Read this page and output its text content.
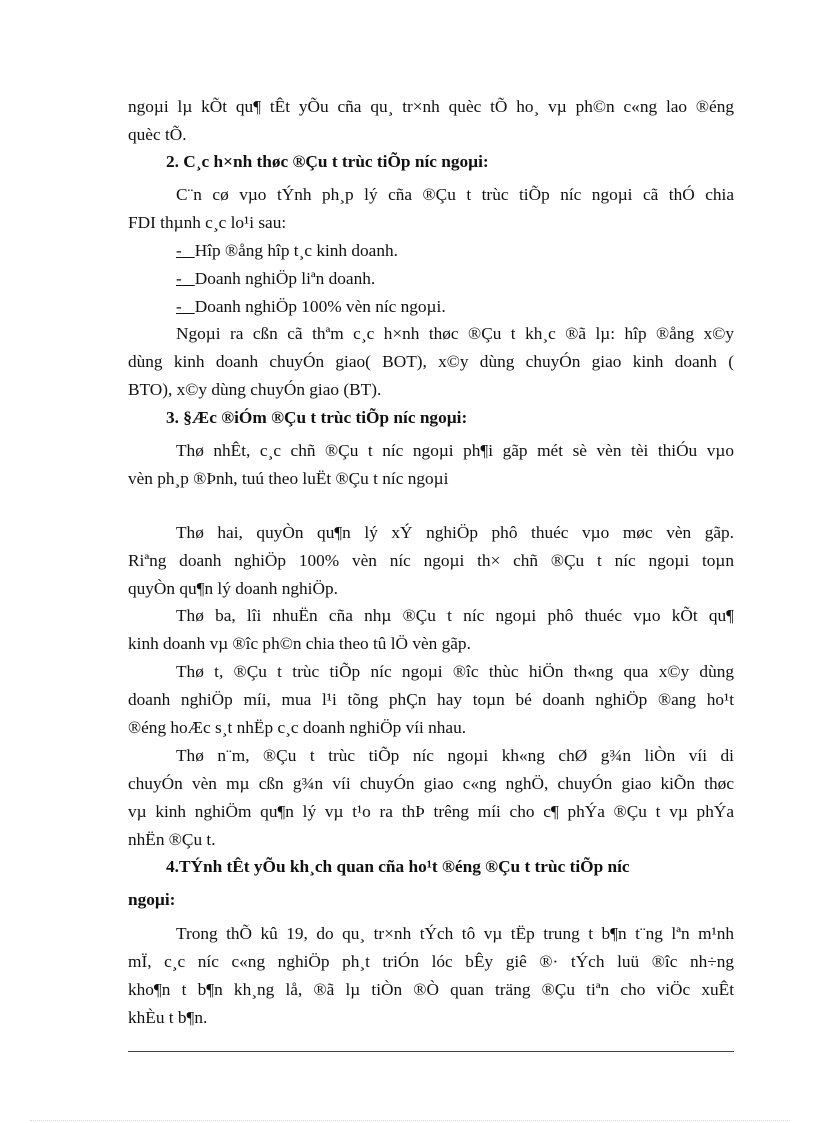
ngoµi lµ kÕt qu¶ tÊt yÕu cña qu¸ tr×nh quèc tÕ ho¸ vµ ph©n c«ng lao ®éng
quèc tÕ.
2. C¸c h×nh thøc ®Çu t trùc tiÕp níc ngoµi:
C¨n cø vµo tÝnh ph¸p lý cña ®Çu t trùc tiÕp níc ngoµi cã thÓ chia
FDI thµnh c¸c lo¹i sau:
- Hîp ®ång hîp t¸c kinh doanh.
- Doanh nghiÖp liªn doanh.
- Doanh nghiÖp 100% vèn níc ngoµi.
Ngoµi ra cßn cã thªm c¸c h×nh thøc ®Çu t kh¸c ®ã lµ: hîp ®ång x©y
dùng kinh doanh chuyÓn giao( BOT), x©y dùng chuyÓn giao kinh doanh (
BTO), x©y dùng chuyÓn giao (BT).
3. §Æc ®iÓm ®Çu t trùc tiÕp níc ngoµi:
Thø nhÊt, c¸c chñ ®Çu t níc ngoµi ph¶i gãp mét sè vèn tèi thiÓu vµo
vèn ph¸p ®Þnh, tuú theo luËt ®Çu t níc ngoµi
Thø hai, quyÒn qu¶n lý xÝ nghiÖp phô thuéc vµo møc vèn gãp.
Riªng doanh nghiÖp 100% vèn níc ngoµi th× chñ ®Çu t níc ngoµi toµn
quyÒn qu¶n lý doanh nghiÖp.
Thø ba, lîi nhuËn cña nhµ ®Çu t níc ngoµi phô thuéc vµo kÕt qu¶
kinh doanh vµ ®îc ph©n chia theo tû lÖ vèn gãp.
Thø t, ®Çu t trùc tiÕp níc ngoµi ®îc thùc hiÖn th«ng qua x©y dùng
doanh nghiÖp míi, mua l¹i tõng phÇn hay toµn bé doanh nghiÖp ®ang ho¹t
®éng hoÆc s¸t nhËp c¸c doanh nghiÖp víi nhau.
Thø n¨m, ®Çu t trùc tiÕp níc ngoµi kh«ng chØ g¾n liÒn víi di
chuyÓn vèn mµ cßn g¾n víi chuyÓn giao c«ng nghÖ, chuyÓn giao kiÕn thøc
vµ kinh nghiÖm qu¶n lý vµ t¹o ra thÞ trêng míi cho c¶ phÝa ®Çu t vµ phÝa
nhËn ®Çu t.
4.TÝnh tÊt yÕu kh¸ch quan cña ho¹t ®éng ®Çu t trùc tiÕp níc
ngoµi:
Trong thÕ kû 19, do qu¸ tr×nh tÝch tô vµ tËp trung t b¶n t¨ng lªn m¹nh
mÏ, c¸c níc c«ng nghiÖp ph¸t triÓn lóc bÊy giê ®· tÝch luü ®îc nh÷ng
kho¶n t b¶n kh¸ng lå, ®ã lµ tiÒn ®Ò quan träng ®Çu tiªn cho viÖc xuÊt
khÈu t b¶n.
